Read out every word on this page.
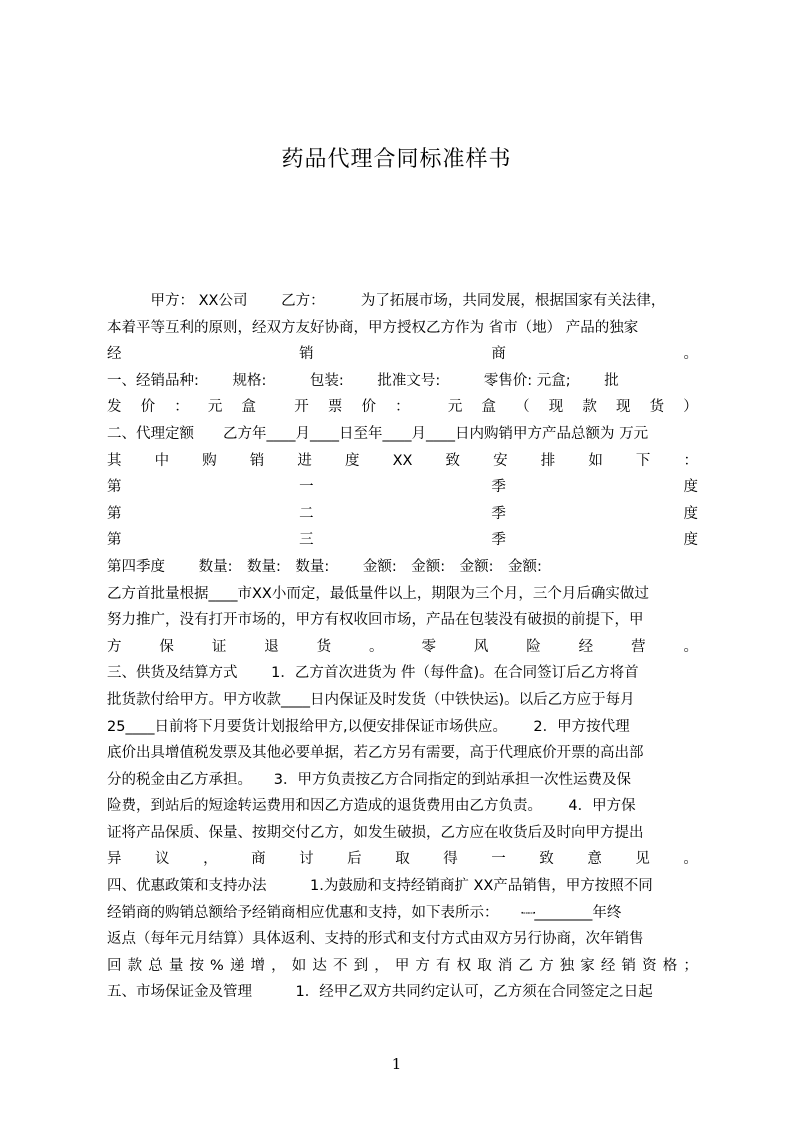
药品代理合同标准样书
　　　甲方： XX公司　　 乙方：　　　为了拓展市场，共同发展，根据国家有关法律，
本着平等互利的原则，经双方友好协商，甲方授权乙方作为 省市（地） 产品的独家
经	销	商	。
一、经销品种:　　 规格:　　　包装:　　 批准文号:　　　零售价: 元盒;　　 批
发 价 ： 元 盒	开 票 价 ：	元 盒 （ 现 款 现 货 ）
二、代理定额　　乙方年____月____日至年____月____日内购销甲方产品总额为 万元
其 中 购 销 进 度 XX 致 安 排 如 下 ：
第	一	季	度
第	二	季	度
第	三	季	度
第四季度　　 数量:　数量:　数量:　　 金额:　金额:　金额:　金额:
乙方首批量根据____市XX小而定，最低量件以上，期限为三个月，三个月后确实做过
努力推广，没有打开市场的，甲方有权收回市场，产品在包装没有破损的前提下，甲
方	保	证	退	货	。	零	风	险	经	营	。
三、供货及结算方式　　 1．乙方首次进货为 件（每件盒)。在合同签订后乙方将首
批货款付给甲方。甲方收款____日内保证及时发货（中铁快运)。以后乙方应于每月
25____日前将下月要货计划报给甲方,以便安排保证市场供应。　　 2．甲方按代理
底价出具增值税发票及其他必要单据，若乙方另有需要，高于代理底价开票的高出部
分的税金由乙方承担。　　3．甲方负责按乙方合同指定的到站承担一次性运费及保
险费，到站后的短途转运费用和因乙方造成的退货费用由乙方负责。　　 4．甲方保
证将产品保质、保量、按期交付乙方，如发生破损，乙方应在收货后及时向甲方提出
异 议 ， 商 讨 后 取 得 一 致 意 见 。
四、优惠政策和支持办法　　　1.为鼓励和支持经销商扩 XX产品销售，甲方按照不同
经销商的购销总额给予经销商相应优惠和支持，如下表所示：　　·┈┈·________年终
返点（每年元月结算）具体返利、支持的形式和支付方式由双方另行协商，次年销售
回 款 总 量 按 % 递 增 ， 如 达 不 到 ， 甲 方 有 权 取 消 乙 方 独 家 经 销 资 格 ；
五、市场保证金及管理　　　1．经甲乙双方共同约定认可，乙方须在合同签定之日起
1
